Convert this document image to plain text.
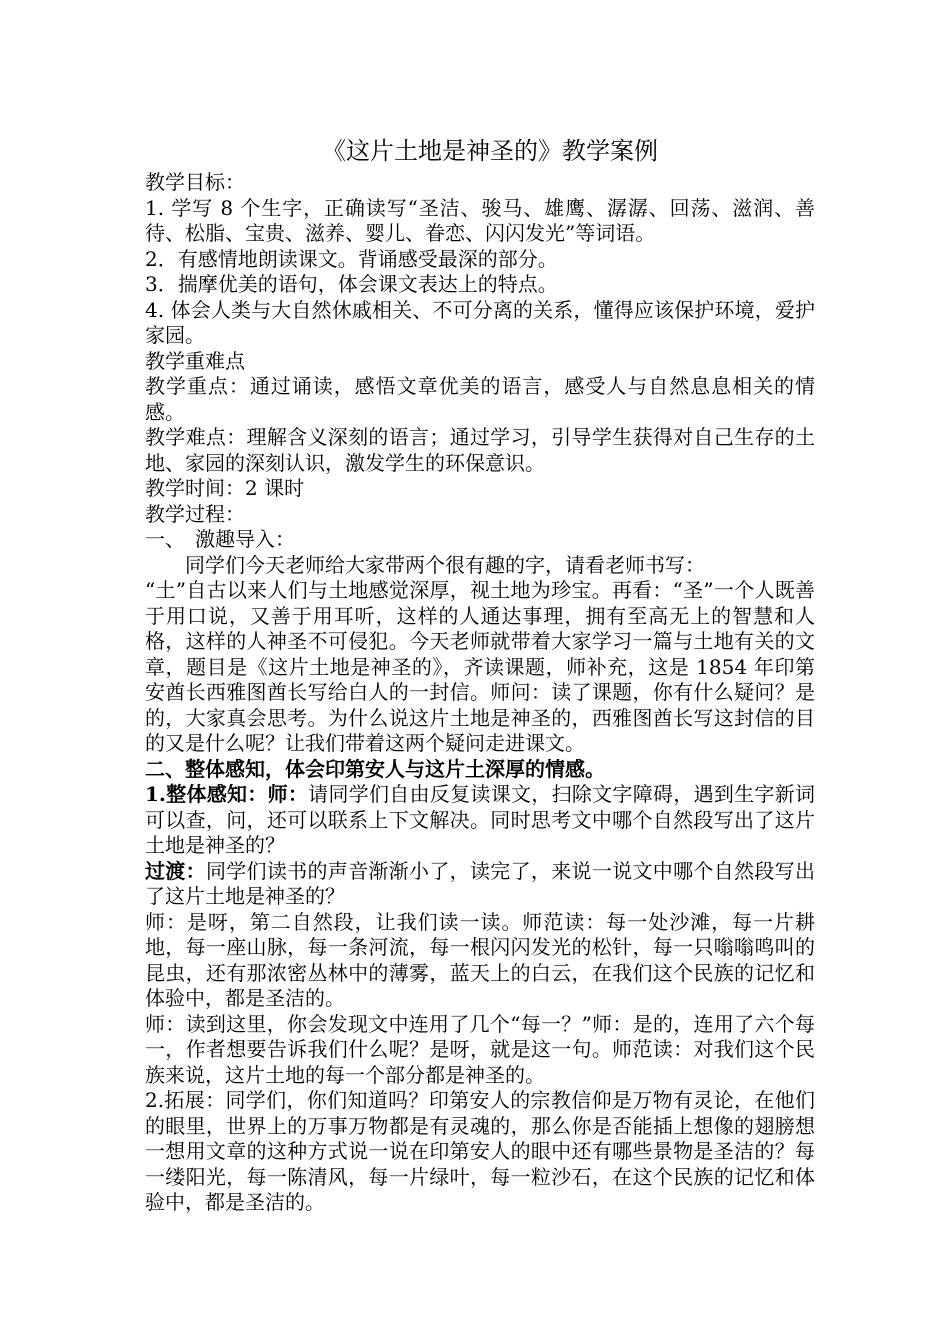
《这片土地是神圣的》教学案例

教学目标：

1. 学写 8 个生字，正确读写“圣洁、骏马、雄鹰、潺潺、回荡、滋润、善待、松脂、宝贵、滋养、婴儿、眷恋、闪闪发光”等词语。

2．有感情地朗读课文。背诵感受最深的部分。

3．揣摩优美的语句，体会课文表达上的特点。

4. 体会人类与大自然休戚相关、不可分离的关系，懂得应该保护环境，爱护家园。

教学重难点

教学重点：通过诵读，感悟文章优美的语言，感受人与自然息息相关的情感。

教学难点：理解含义深刻的语言；通过学习，引导学生获得对自己生存的土地、家园的深刻认识，激发学生的环保意识。

教学时间：2 课时

教学过程：

一、　激趣导入：

同学们今天老师给大家带两个很有趣的字，请看老师书写：

“土”自古以来人们与土地感觉深厚，视土地为珍宝。再看：“圣”一个人既善于用口说，又善于用耳听，这样的人通达事理，拥有至高无上的智慧和人格，这样的人神圣不可侵犯。今天老师就带着大家学习一篇与土地有关的文章，题目是《这片土地是神圣的》，齐读课题，师补充，这是 1854 年印第安酋长西雅图酋长写给白人的一封信。师问：读了课题，你有什么疑问？是的，大家真会思考。为什么说这片土地是神圣的，西雅图酋长写这封信的目的又是什么呢？让我们带着这两个疑问走进课文。

二、整体感知，体会印第安人与这片土深厚的情感。

1.整体感知：师：请同学们自由反复读课文，扫除文字障碍，遇到生字新词可以查，问，还可以联系上下文解决。同时思考文中哪个自然段写出了这片土地是神圣的？

过渡：同学们读书的声音渐渐小了，读完了，来说一说文中哪个自然段写出了这片土地是神圣的？

师：是呀，第二自然段，让我们读一读。师范读：每一处沙滩，每一片耕地，每一座山脉，每一条河流，每一根闪闪发光的松针，每一只嗡嗡鸣叫的昆虫，还有那浓密丛林中的薄雾，蓝天上的白云，在我们这个民族的记忆和体验中，都是圣洁的。

师：读到这里，你会发现文中连用了几个“每一？”师：是的，连用了六个每一，作者想要告诉我们什么呢？是呀，就是这一句。师范读：对我们这个民族来说，这片土地的每一个部分都是神圣的。

2.拓展：同学们，你们知道吗？印第安人的宗教信仰是万物有灵论，在他们的眼里，世界上的万事万物都是有灵魂的，那么你是否能插上想像的翅膀想一想用文章的这种方式说一说在印第安人的眼中还有哪些景物是圣洁的？每一缕阳光，每一陈清风，每一片绿叶，每一粒沙石，在这个民族的记忆和体验中，都是圣洁的。
